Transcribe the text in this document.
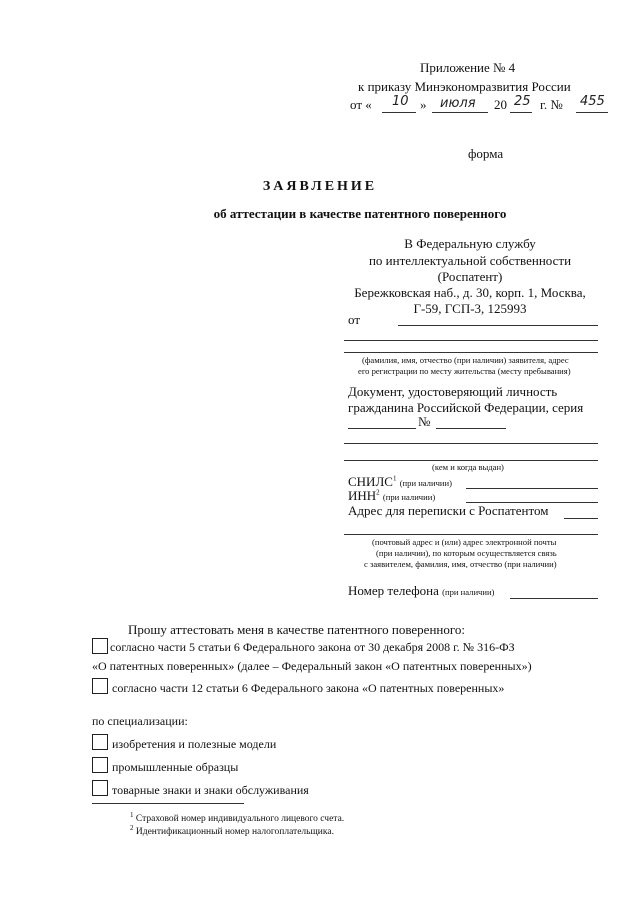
Приложение № 4
к приказу Минэкономразвития России
от « 10 » июля 20 25 г. № 455
форма
ЗАЯВЛЕНИЕ
об аттестации в качестве патентного поверенного
В Федеральную службу
по интеллектуальной собственности
(Роспатент)
Бережковская наб., д. 30, корп. 1, Москва,
Г-59, ГСП-3, 125993
от
(фамилия, имя, отчество (при наличии) заявителя, адрес
его регистрации по месту жительства (месту пребывания)
Документ, удостоверяющий личность
гражданина Российской Федерации, серия
№
(кем и когда выдан)
СНИЛС$^1$ (при наличии)
ИНН$^2$ (при наличии)
Адрес для переписки с Роспатентом
(почтовый адрес и (или) адрес электронной почты
(при наличии), по которым осуществляется связь
с заявителем, фамилия, имя, отчество (при наличии)
Номер телефона (при наличии)
Прошу аттестовать меня в качестве патентного поверенного:
согласно части 5 статьи 6 Федерального закона от 30 декабря 2008 г. № 316-ФЗ
«О патентных поверенных» (далее – Федеральный закон «О патентных поверенных»)
согласно части 12 статьи 6 Федерального закона «О патентных поверенных»
по специализации:
изобретения и полезные модели
промышленные образцы
товарные знаки и знаки обслуживания
$^1$ Страховой номер индивидуального лицевого счета.
$^2$ Идентификационный номер налогоплательщика.
